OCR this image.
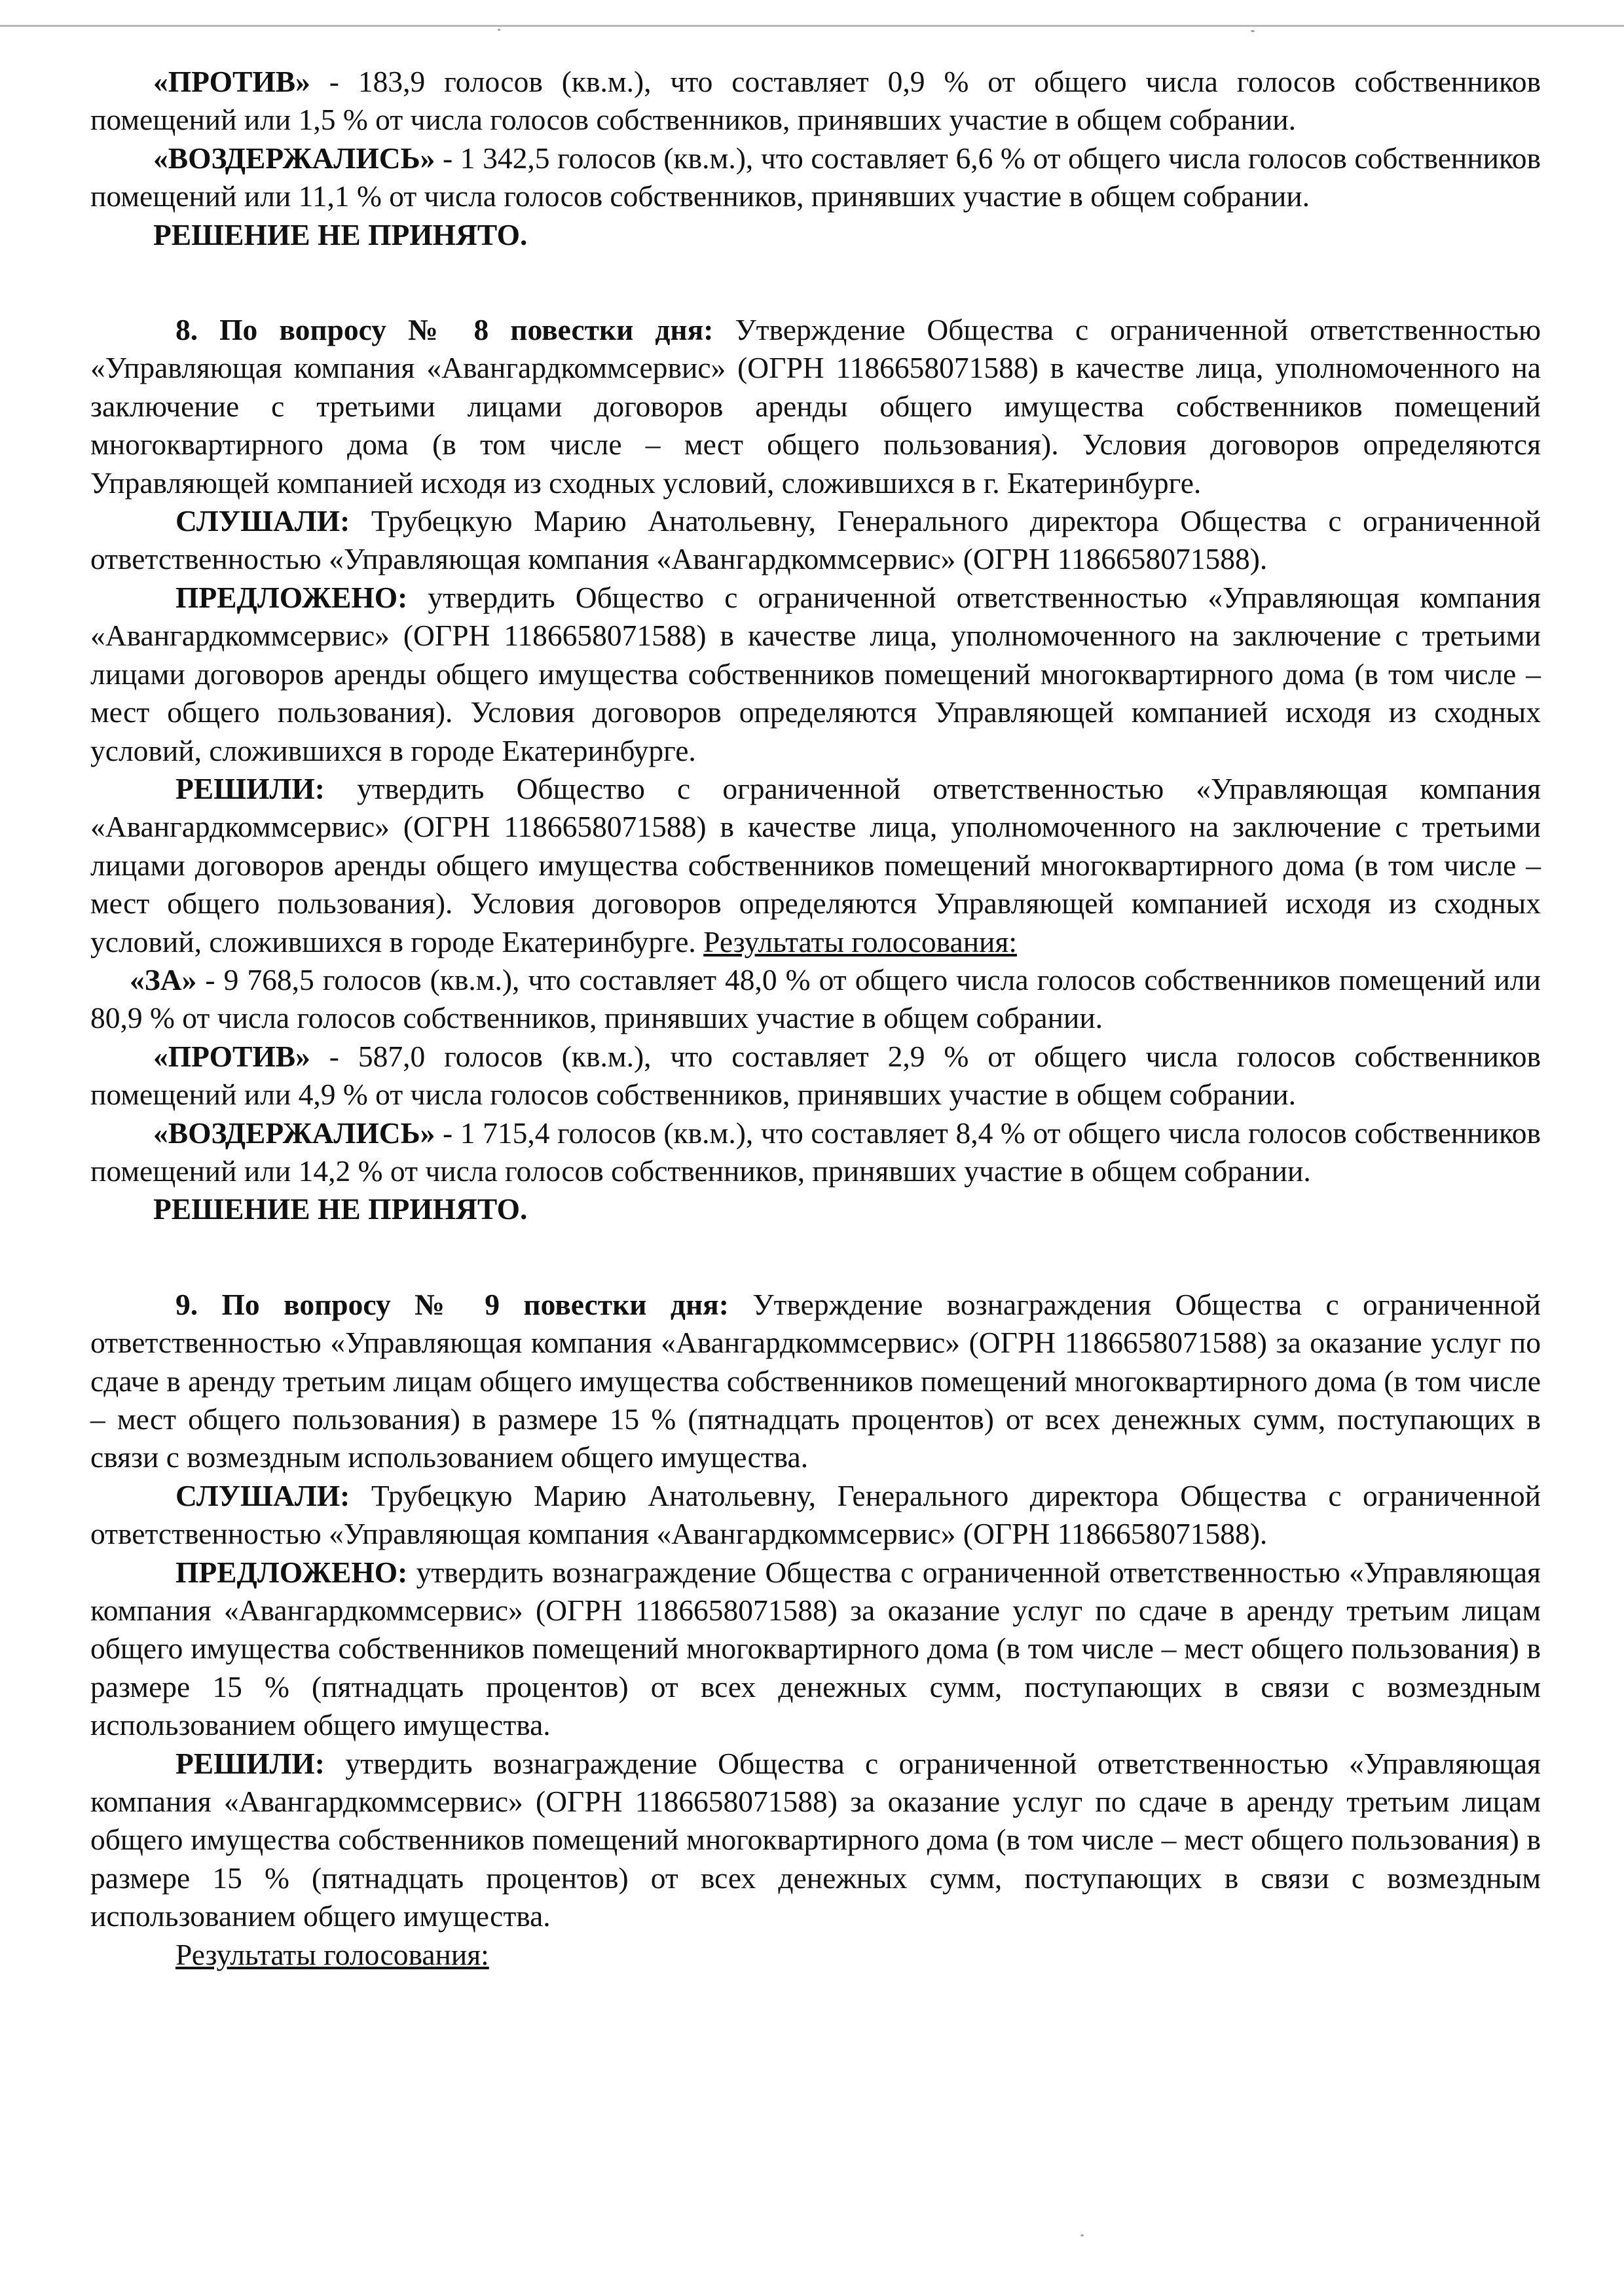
«ПРОТИВ» - 183,9 голосов (кв.м.), что составляет 0,9 % от общего числа голосов собственников помещений или 1,5 % от числа голосов собственников, принявших участие в общем собрании.

«ВОЗДЕРЖАЛИСЬ» - 1 342,5 голосов (кв.м.), что составляет 6,6 % от общего числа голосов собственников помещений или 11,1 % от числа голосов собственников, принявших участие в общем собрании.

РЕШЕНИЕ НЕ ПРИНЯТО.

8. По вопросу № 8 повестки дня: Утверждение Общества с ограниченной ответственностью «Управляющая компания «Авангардкоммсервис» (ОГРН 1186658071588) в качестве лица, уполномоченного на заключение с третьими лицами договоров аренды общего имущества собственников помещений многоквартирного дома (в том числе – мест общего пользования). Условия договоров определяются Управляющей компанией исходя из сходных условий, сложившихся в г. Екатеринбурге.

СЛУШАЛИ: Трубецкую Марию Анатольевну, Генерального директора Общества с ограниченной ответственностью «Управляющая компания «Авангардкоммсервис» (ОГРН 1186658071588).

ПРЕДЛОЖЕНО: утвердить Общество с ограниченной ответственностью «Управляющая компания «Авангардкоммсервис» (ОГРН 1186658071588) в качестве лица, уполномоченного на заключение с третьими лицами договоров аренды общего имущества собственников помещений многоквартирного дома (в том числе – мест общего пользования). Условия договоров определяются Управляющей компанией исходя из сходных условий, сложившихся в городе Екатеринбурге.

РЕШИЛИ: утвердить Общество с ограниченной ответственностью «Управляющая компания «Авангардкоммсервис» (ОГРН 1186658071588) в качестве лица, уполномоченного на заключение с третьими лицами договоров аренды общего имущества собственников помещений многоквартирного дома (в том числе – мест общего пользования). Условия договоров определяются Управляющей компанией исходя из сходных условий, сложившихся в городе Екатеринбурге. Результаты голосования:

«ЗА» - 9 768,5 голосов (кв.м.), что составляет 48,0 % от общего числа голосов собственников помещений или 80,9 % от числа голосов собственников, принявших участие в общем собрании.

«ПРОТИВ» - 587,0 голосов (кв.м.), что составляет 2,9 % от общего числа голосов собственников помещений или 4,9 % от числа голосов собственников, принявших участие в общем собрании.

«ВОЗДЕРЖАЛИСЬ» - 1 715,4 голосов (кв.м.), что составляет 8,4 % от общего числа голосов собственников помещений или 14,2 % от числа голосов собственников, принявших участие в общем собрании.

РЕШЕНИЕ НЕ ПРИНЯТО.

9. По вопросу № 9 повестки дня: Утверждение вознаграждения Общества с ограниченной ответственностью «Управляющая компания «Авангардкоммсервис» (ОГРН 1186658071588) за оказание услуг по сдаче в аренду третьим лицам общего имущества собственников помещений многоквартирного дома (в том числе – мест общего пользования) в размере 15 % (пятнадцать процентов) от всех денежных сумм, поступающих в связи с возмездным использованием общего имущества.

СЛУШАЛИ: Трубецкую Марию Анатольевну, Генерального директора Общества с ограниченной ответственностью «Управляющая компания «Авангардкоммсервис» (ОГРН 1186658071588).

ПРЕДЛОЖЕНО: утвердить вознаграждение Общества с ограниченной ответственностью «Управляющая компания «Авангардкоммсервис» (ОГРН 1186658071588) за оказание услуг по сдаче в аренду третьим лицам общего имущества собственников помещений многоквартирного дома (в том числе – мест общего пользования) в размере 15 % (пятнадцать процентов) от всех денежных сумм, поступающих в связи с возмездным использованием общего имущества.

РЕШИЛИ: утвердить вознаграждение Общества с ограниченной ответственностью «Управляющая компания «Авангардкоммсервис» (ОГРН 1186658071588) за оказание услуг по сдаче в аренду третьим лицам общего имущества собственников помещений многоквартирного дома (в том числе – мест общего пользования) в размере 15 % (пятнадцать процентов) от всех денежных сумм, поступающих в связи с возмездным использованием общего имущества.

Результаты голосования:
